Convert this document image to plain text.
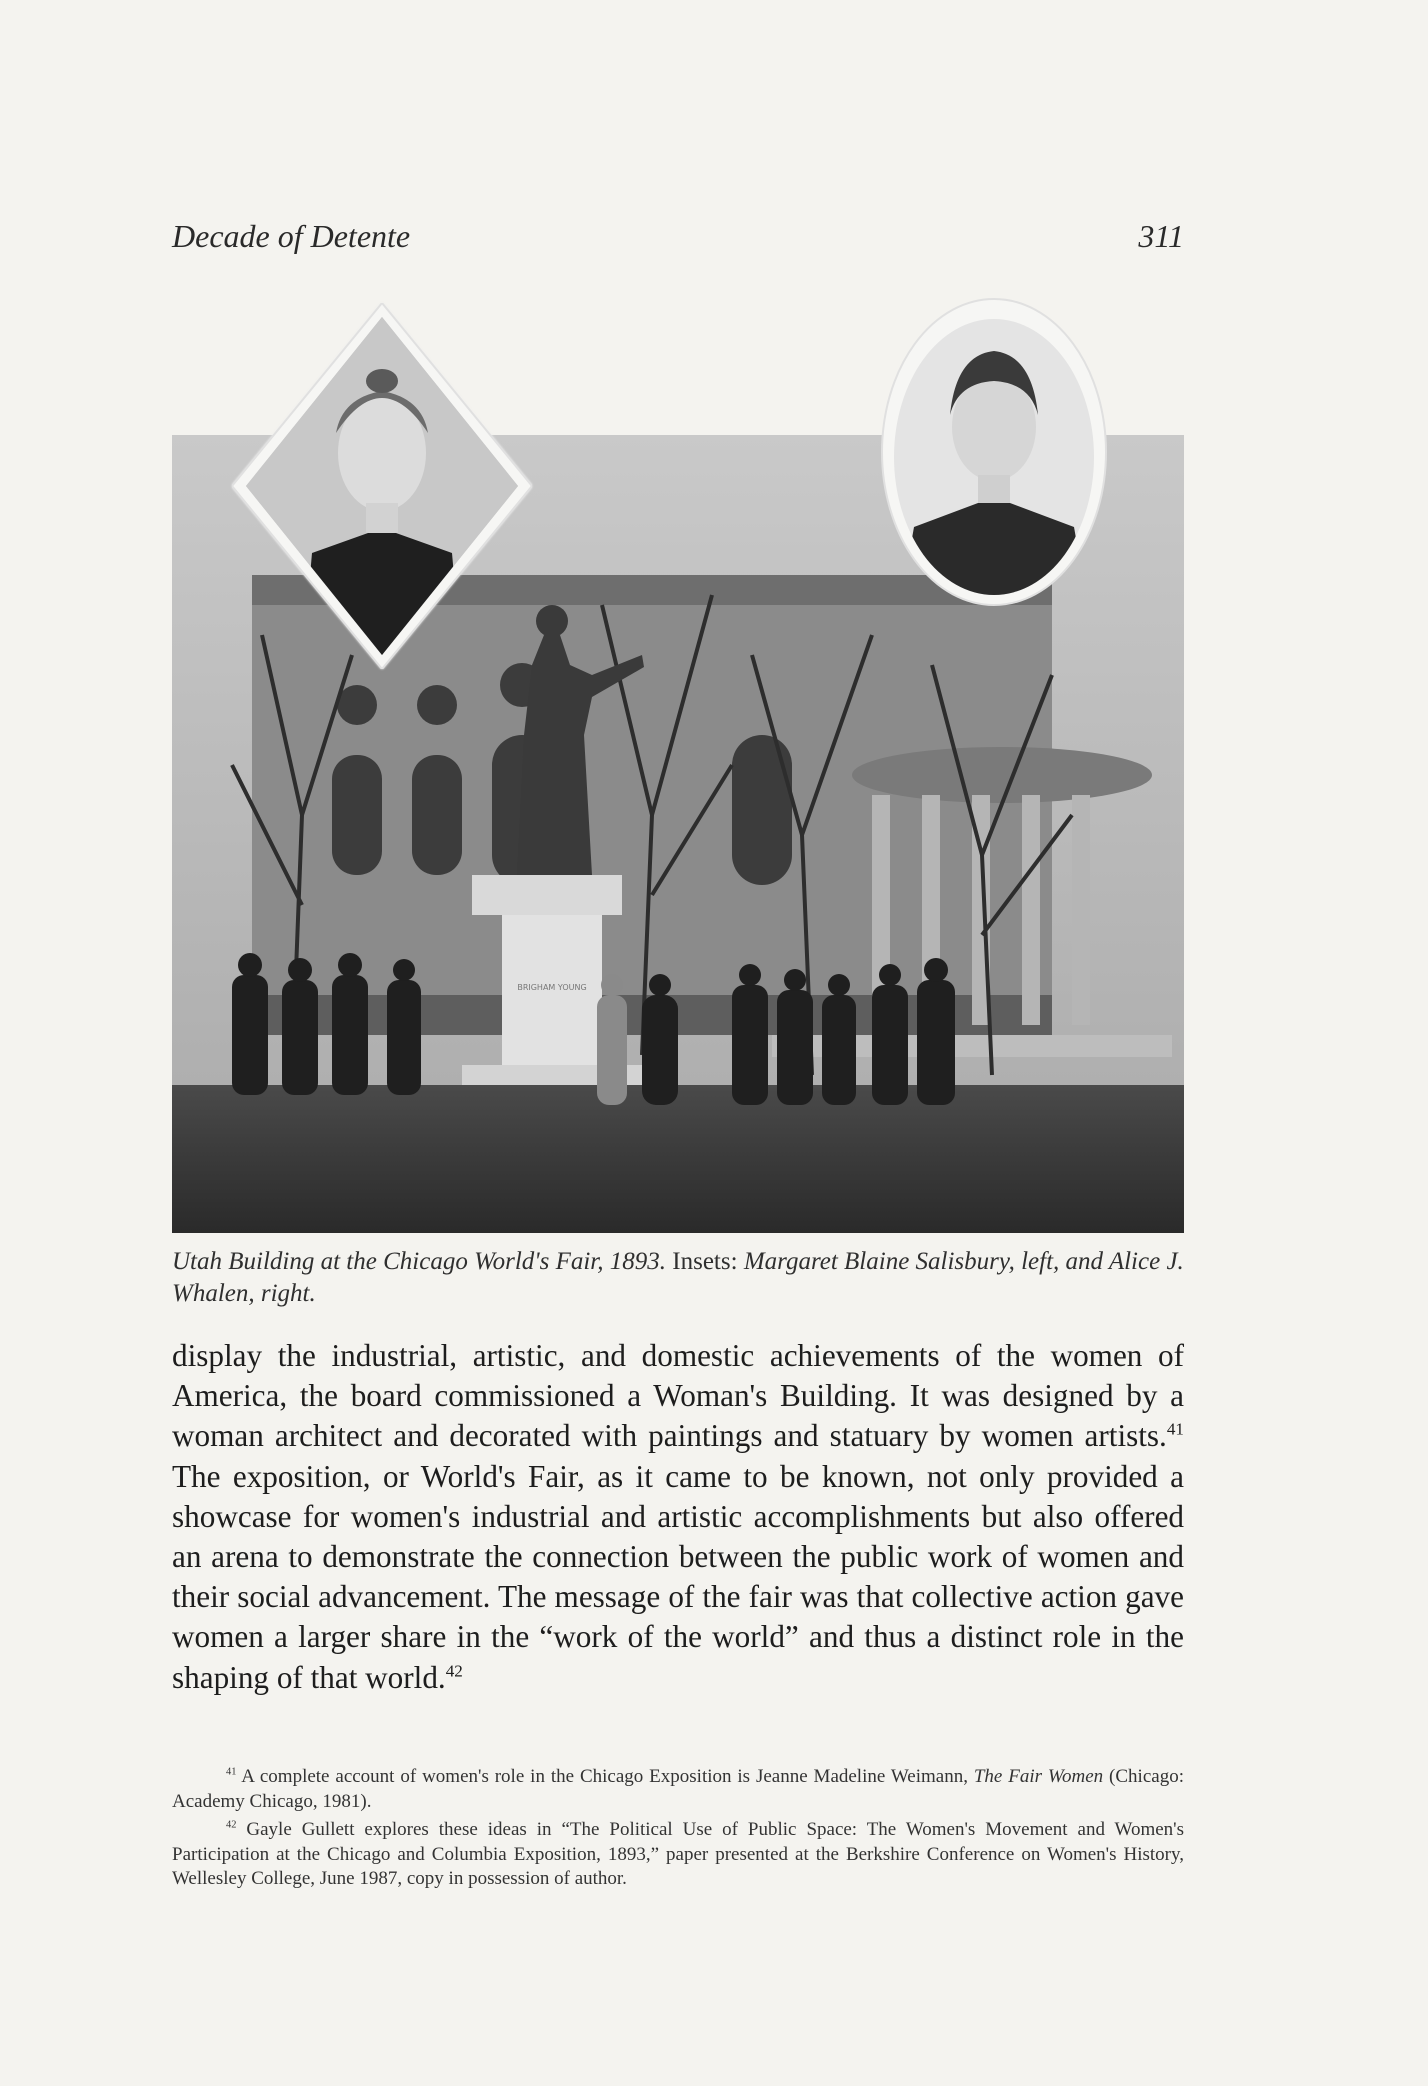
Decade of Detente	311
BRIGHAM YOUNG
Utah Building at the Chicago World's Fair, 1893. Insets: Margaret Blaine Salisbury, left, and Alice J. Whalen, right.
display the industrial, artistic, and domestic achievements of the women of America, the board commissioned a Woman's Building. It was designed by a woman architect and decorated with paintings and statuary by women artists.$^{41}$ The exposition, or World's Fair, as it came to be known, not only provided a showcase for women's industrial and artistic accomplishments but also offered an arena to demonstrate the connection between the public work of women and their social advancement. The message of the fair was that collective action gave women a larger share in the “work of the world” and thus a distinct role in the shaping of that world.$^{42}$

$^{41}$ A complete account of women's role in the Chicago Exposition is Jeanne Madeline Weimann, The Fair Women (Chicago: Academy Chicago, 1981).

$^{42}$ Gayle Gullett explores these ideas in “The Political Use of Public Space: The Women's Movement and Women's Participation at the Chicago and Columbia Exposition, 1893,” paper presented at the Berkshire Conference on Women's History, Wellesley College, June 1987, copy in possession of author.
